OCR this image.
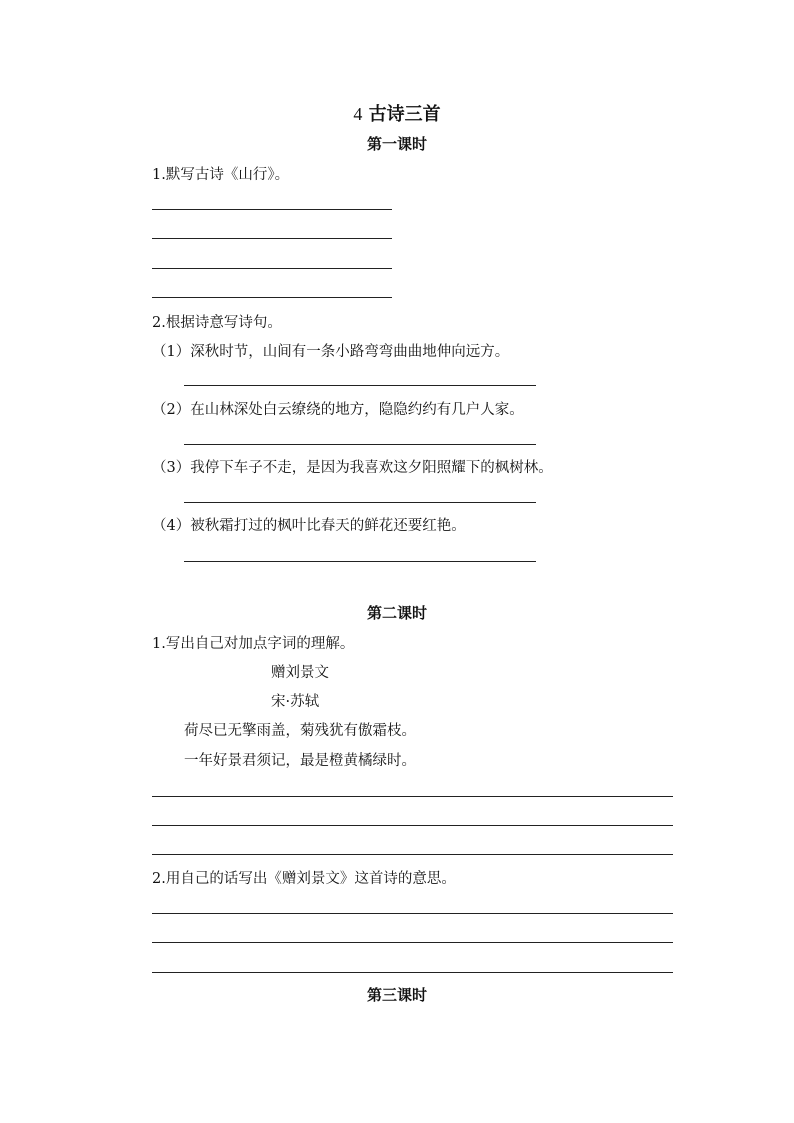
4 古诗三首
第一课时
1.默写古诗《山行》。
2.根据诗意写诗句。
（1）深秋时节，山间有一条小路弯弯曲曲地伸向远方。
（2）在山林深处白云缭绕的地方，隐隐约约有几户人家。
（3）我停下车子不走，是因为我喜欢这夕阳照耀下的枫树林。
（4）被秋霜打过的枫叶比春天的鲜花还要红艳。
第二课时
1.写出自己对加点字词的理解。
赠刘景文
宋·苏轼
荷尽已无擎雨盖，菊残犹有傲霜枝。
一年好景君须记，最是橙黄橘绿时。
2.用自己的话写出《赠刘景文》这首诗的意思。
第三课时
